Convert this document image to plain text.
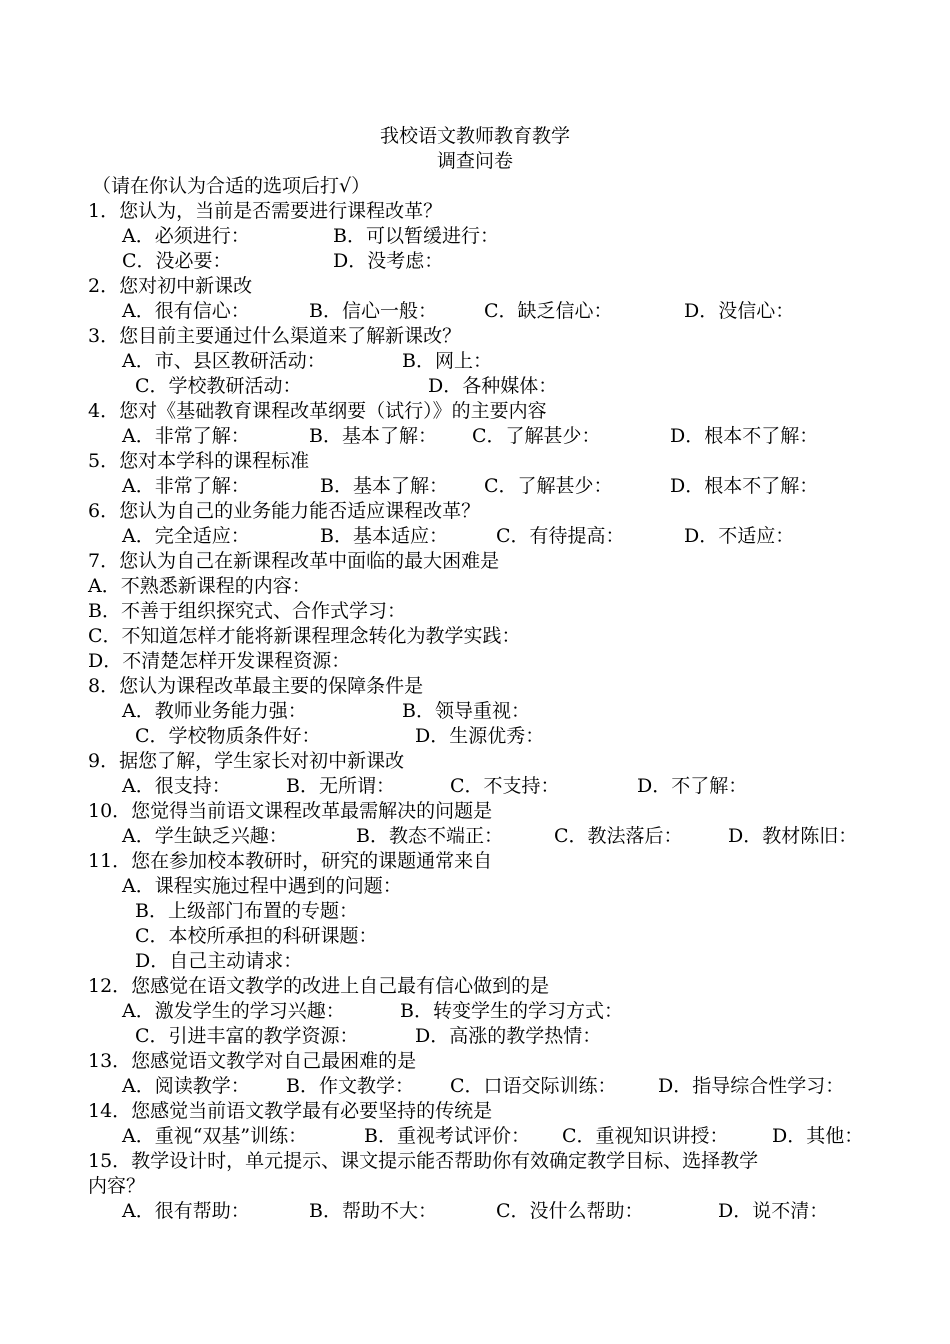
我校语文教师教育教学
调查问卷
（请在你认为合适的选项后打√）
1．您认为，当前是否需要进行课程改革？
A．必须进行：	B．可以暂缓进行：
C．没必要：	D．没考虑：
2．您对初中新课改
A．很有信心：	B．信心一般： C．缺乏信心：	D．没信心：
3．您目前主要通过什么渠道来了解新课改？
A．市、县区教研活动：	B．网上：
C．学校教研活动：	D．各种媒体：
4．您对《基础教育课程改革纲要（试行）》的主要内容
A．非常了解：	B．基本了解： C．了解甚少：	D．根本不了解：
5．您对本学科的课程标准
A．非常了解：	B．基本了解： C．了解甚少：	D．根本不了解：
6．您认为自己的业务能力能否适应课程改革？
A．完全适应：	B．基本适应：	C．有待提高：	D．不适应：
7．您认为自己在新课程改革中面临的最大困难是
A．不熟悉新课程的内容：
B．不善于组织探究式、合作式学习：
C．不知道怎样才能将新课程理念转化为教学实践：
D．不清楚怎样开发课程资源：
8．您认为课程改革最主要的保障条件是
A．教师业务能力强：	B．领导重视：
C．学校物质条件好：	D．生源优秀：
9．据您了解，学生家长对初中新课改
A．很支持：	B．无所谓：	C．不支持：	D．不了解：
10．您觉得当前语文课程改革最需解决的问题是
A．学生缺乏兴趣：	B．教态不端正：	C．教法落后： D．教材陈旧：
11．您在参加校本教研时，研究的课题通常来自
A．课程实施过程中遇到的问题：
B．上级部门布置的专题：
C．本校所承担的科研课题：
D．自己主动请求：
12．您感觉在语文教学的改进上自己最有信心做到的是
A．激发学生的学习兴趣：	B．转变学生的学习方式：
C．引进丰富的教学资源：	D．高涨的教学热情：
13．您感觉语文教学对自己最困难的是
A．阅读教学： B．作文教学： C．口语交际训练： D．指导综合性学习：
14．您感觉当前语文教学最有必要坚持的传统是
A．重视“双基”训练：	B．重视考试评价： C．重视知识讲授： D．其他：
15．教学设计时，单元提示、课文提示能否帮助你有效确定教学目标、选择教学
内容？
A．很有帮助：	B．帮助不大：	C．没什么帮助：	D．说不清：
